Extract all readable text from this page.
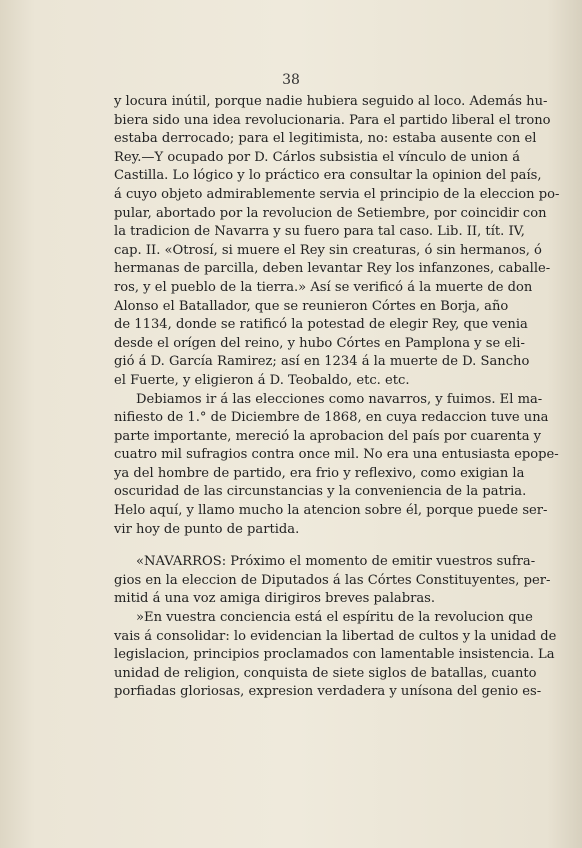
38
y locura inútil, porque nadie hubiera seguido al loco. Además hu-
biera sido una idea revolucionaria. Para el partido liberal el trono
estaba derrocado; para el legitimista, no: estaba ausente con el
Rey.—Y ocupado por D. Cárlos subsistia el vínculo de union á
Castilla. Lo lógico y lo práctico era consultar la opinion del país,
á cuyo objeto admirablemente servia el principio de la eleccion po-
pular, abortado por la revolucion de Setiembre, por coincidir con
la tradicion de Navarra y su fuero para tal caso. Lib. II, tít. IV,
cap. II. «Otrosí, si muere el Rey sin creaturas, ó sin hermanos, ó
hermanas de parcilla, deben levantar Rey los infanzones, caballe-
ros, y el pueblo de la tierra.» Así se verificó á la muerte de don
Alonso el Batallador, que se reunieron Córtes en Borja, año
de 1134, donde se ratificó la potestad de elegir Rey, que venia
desde el orígen del reino, y hubo Córtes en Pamplona y se eli-
gió á D. García Ramirez; así en 1234 á la muerte de D. Sancho
el Fuerte, y eligieron á D. Teobaldo, etc. etc.
Debiamos ir á las elecciones como navarros, y fuimos. El ma-
nifiesto de 1.° de Diciembre de 1868, en cuya redaccion tuve una
parte importante, mereció la aprobacion del país por cuarenta y
cuatro mil sufragios contra once mil. No era una entusiasta epope-
ya del hombre de partido, era frio y reflexivo, como exigian la
oscuridad de las circunstancias y la conveniencia de la patria.
Helo aquí, y llamo mucho la atencion sobre él, porque puede ser-
vir hoy de punto de partida.
«NAVARROS: Próximo el momento de emitir vuestros sufra-
gios en la eleccion de Diputados á las Córtes Constituyentes, per-
mitid á una voz amiga dirigiros breves palabras.
»En vuestra conciencia está el espíritu de la revolucion que
vais á consolidar: lo evidencian la libertad de cultos y la unidad de
legislacion, principios proclamados con lamentable insistencia. La
unidad de religion, conquista de siete siglos de batallas, cuanto
porfiadas gloriosas, expresion verdadera y unísona del genio es-
